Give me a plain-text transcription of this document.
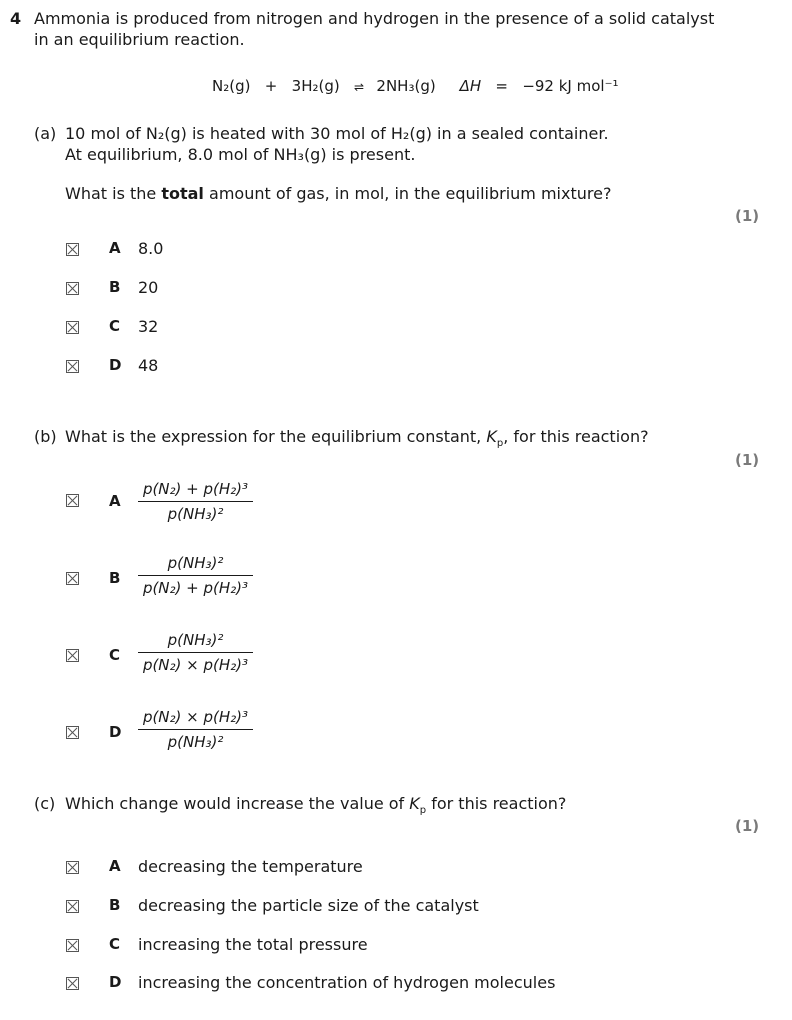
4 Ammonia is produced from nitrogen and hydrogen in the presence of a solid catalyst
in an equilibrium reaction.
N₂(g) + 3H₂(g) ⇌ 2NH₃(g) ΔH = −92 kJ mol⁻¹
(a) 10 mol of N₂(g) is heated with 30 mol of H₂(g) in a sealed container.
At equilibrium, 8.0 mol of NH₃(g) is present.
What is the total amount of gas, in mol, in the equilibrium mixture?
(1)
A 8.0
B 20
C 32
D 48
(b) What is the expression for the equilibrium constant, $K_p$, for this reaction?
(1)
A
p(N₂) + p(H₂)³
p(NH₃)²
B
p(NH₃)²
p(N₂) + p(H₂)³
C
p(NH₃)²
p(N₂) × p(H₂)³
D
p(N₂) × p(H₂)³
p(NH₃)²
(c) Which change would increase the value of $K_p$ for this reaction?
(1)
A decreasing the temperature
B decreasing the particle size of the catalyst
C increasing the total pressure
D increasing the concentration of hydrogen molecules
